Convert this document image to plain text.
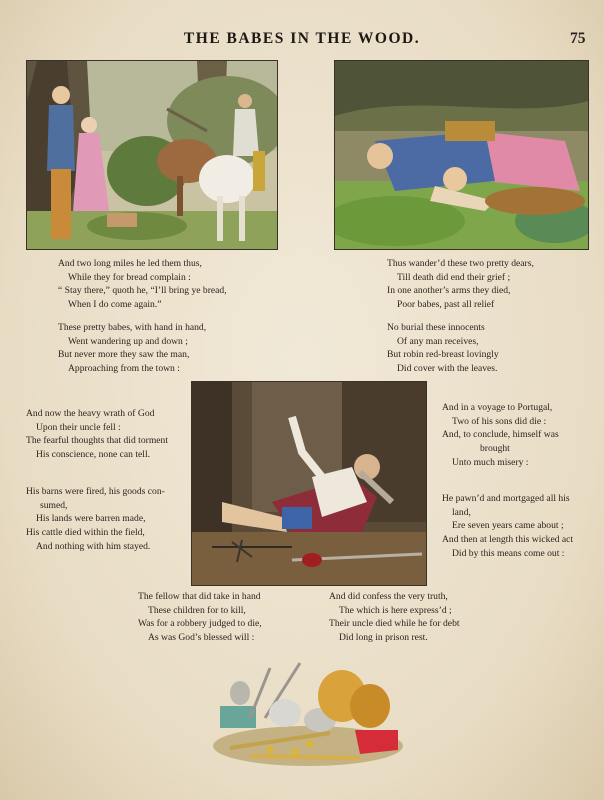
THE BABES IN THE WOOD.	75
And two long miles he led them thus,
While they for bread complain :
“ Stay there,” quoth he, “I’ll bring ye bread,
When I do come again.”
These pretty babes, with hand in hand,
Went wandering up and down ;
But never more they saw the man,
Approaching from the town :
Thus wander’d these two pretty dears,
Till death did end their grief ;
In one another’s arms they died,
Poor babes, past all relief
No burial these innocents
Of any man receives,
But robin red-breast lovingly
Did cover with the leaves.
And now the heavy wrath of God
Upon their uncle fell :
The fearful thoughts that did torment
His conscience, none can tell.
His barns were fired, his goods con-
sumed,
His lands were barren made,
His cattle died within the field,
And nothing with him stayed.
And in a voyage to Portugal,
Two of his sons did die :
And, to conclude, himself was
brought
Unto much misery :
He pawn’d and mortgaged all his
land,
Ere seven years came about ;
And then at length this wicked act
Did by this means come out :
The fellow that did take in hand
These children for to kill,
Was for a robbery judged to die,
As was God’s blessed will :
And did confess the very truth,
The which is here express’d ;
Their uncle died while he for debt
Did long in prison rest.
